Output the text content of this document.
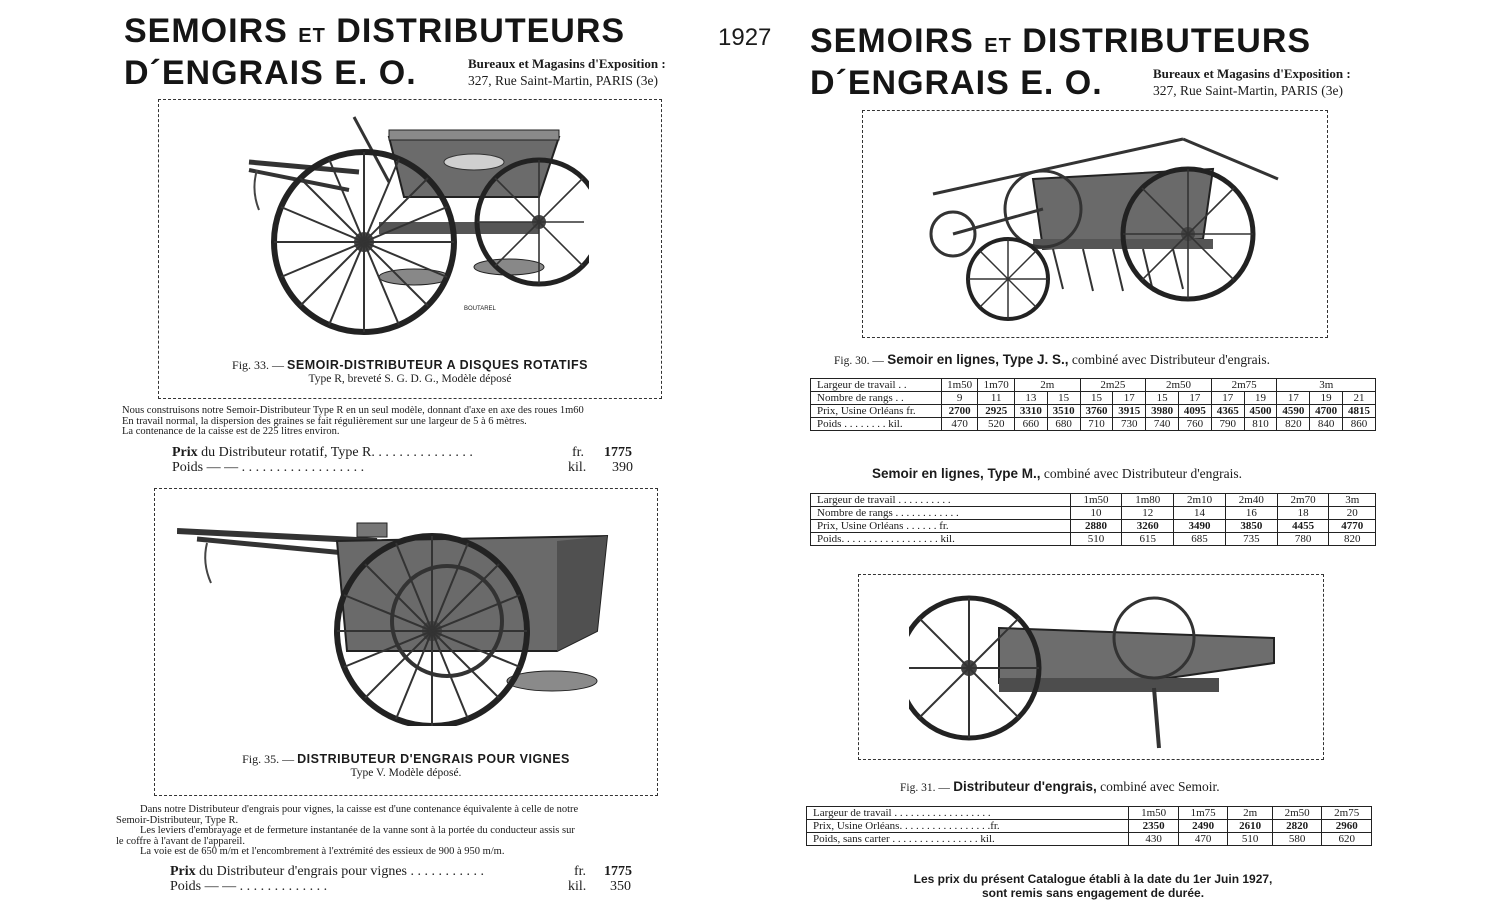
SEMOIRS ET DISTRIBUTEURS	1927
D´ENGRAIS E. O.	Bureaux et Magasins d'Exposition :
327, Rue Saint-Martin, PARIS (3e)
BOUTAREL
Fig. 33. — SEMOIR-DISTRIBUTEUR A DISQUES ROTATIFS
Type R, breveté S. G. D. G., Modèle déposé
Nous construisons notre Semoir-Distributeur Type R en un seul modèle, donnant d'axe en axe des roues 1m60
En travail normal, la dispersion des graines se fait régulièrement sur une largeur de 5 à 6 mètres.
La contenance de la caisse est de 225 litres environ.
Prix du Distributeur rotatif, Type R. . . . . . . . . . . . . . .	fr. 1775
Poids — — . . . . . . . . . . . . . . . . . .	kil. 390
Fig. 35. — DISTRIBUTEUR D'ENGRAIS POUR VIGNES
Type V. Modèle déposé.
Dans notre Distributeur d'engrais pour vignes, la caisse est d'une contenance équivalente à celle de notre
Semoir-Distributeur, Type R.
Les leviers d'embrayage et de fermeture instantanée de la vanne sont à la portée du conducteur assis sur
le coffre à l'avant de l'appareil.
La voie est de 650 m/m et l'encombrement à l'extrémité des essieux de 900 à 950 m/m.
Prix du Distributeur d'engrais pour vignes . . . . . . . . . . .	fr. 1775
Poids — — . . . . . . . . . . . . .	kil. 350
SEMOIRS ET DISTRIBUTEURS
D´ENGRAIS E. O.	Bureaux et Magasins d'Exposition :
327, Rue Saint-Martin, PARIS (3e)
Fig. 30. — Semoir en lignes, Type J. S., combiné avec Distributeur d'engrais.
Largeur de travail . .	1m50	1m70	2m		2m25		2m50		2m75		3m		
Nombre de rangs . .	9	11	13	15	15	17	15	17	17	19	17	19	21
Prix, Usine Orléans fr.	2700	2925	3310	3510	3760	3915	3980	4095	4365	4500	4590	4700	4815
Poids . . . . . . . . kil.	470	520	660	680	710	730	740	760	790	810	820	840	860
Semoir en lignes, Type M., combiné avec Distributeur d'engrais.
Largeur de travail . . . . . . . . . .	1m50	1m80	2m10	2m40	2m70	3m
Nombre de rangs . . . . . . . . . . . .	10	12	14	16	18	20
Prix, Usine Orléans . . . . . . fr.	2880	3260	3490	3850	4455	4770
Poids. . . . . . . . . . . . . . . . . . kil.	510	615	685	735	780	820
Fig. 31. — Distributeur d'engrais, combiné avec Semoir.
Largeur de travail . . . . . . . . . . . . . . . . . .	1m50	1m75	2m	2m50	2m75
Prix, Usine Orléans. . . . . . . . . . . . . . . . .fr.	2350	2490	2610	2820	2960
Poids, sans carter . . . . . . . . . . . . . . . . kil.	430	470	510	580	620
Les prix du présent Catalogue établi à la date du 1er Juin 1927,
sont remis sans engagement de durée.
